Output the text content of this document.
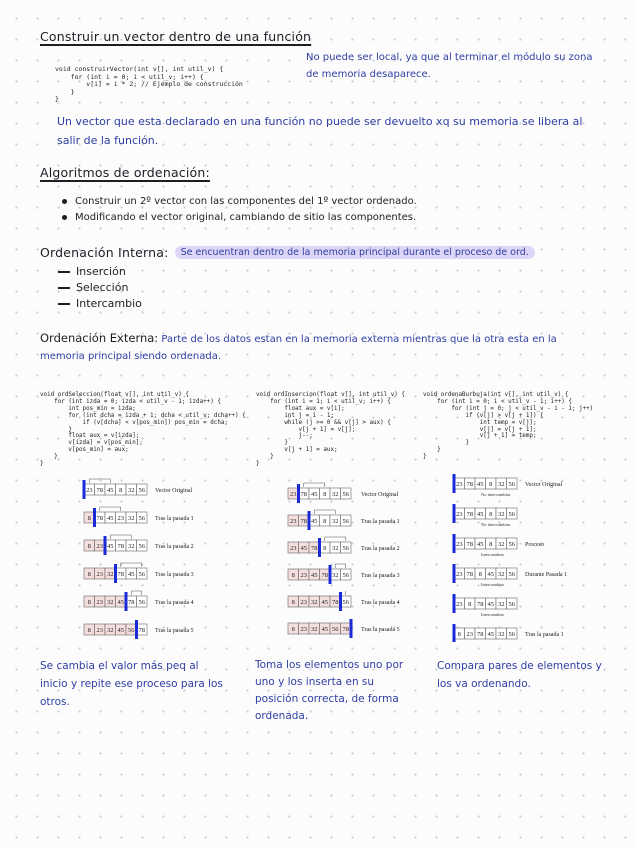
Construir un vector dentro de una función
void construirVector(int v[], int util_v) {
for (int i = 0; i < util_v; i++) {
v[i] = i * 2; // Ejemplo de construcción
}
}
No puede ser local, ya que al terminar el módulo su zona de memoria desaparece.
Un vector que esta declarado en una función no puede ser devuelto xq su memoria se libera al salir de la función.
Algoritmos de ordenación:
Construir un 2º vector con las componentes del 1º vector ordenado.
Modificando el vector original, cambiando de sitio las componentes.
Ordenación Interna:	Se encuentran dentro de la memoria principal durante el proceso de ord.
Inserción
Selección
Intercambio
Ordenación Externa: Parte de los datos estan en la memoria externa mientras que la otra esta en la memoria principal siendo ordenada.
void ordSeleccion(float v[], int util_v) {
for (int izda = 0; izda < util_v - 1; izda++) {
int pos_min = izda;
for (int dcha = izda + 1; dcha < util_v; dcha++) {
if (v[dcha] < v[pos_min]) pos_min = dcha;
}
float aux = v[izda];
v[izda] = v[pos_min];
v[pos_min] = aux;
}
}
void ordInsercion(float v[], int util_v) {
for (int i = 1; i < util_v; i++) {
float aux = v[i];
int j = i - 1;
while (j >= 0 && v[j] > aux) {
v[j + 1] = v[j];
j--;
}
v[j + 1] = aux;
}
}
void ordenaBurbuja(int v[], int util_v) {
for (int i = 0; i < util_v - 1; i++) {
for (int j = 0; j < util_v - i - 1; j++)
if (v[j] > v[j + 1]) {
int temp = v[j];
v[j] = v[j + 1];
v[j + 1] = temp;
}
}
}
23 78 45 8 32 56 Vector Original
8 78 45 23 32 56 Tras la pasada 1
8 23 45 78 32 56 Tras la pasada 2
8 23 32 78 45 56 Tras la pasada 3
8 23 32 45 78 56 Tras la pasada 4
8 23 32 45 56 78 Tras la pasada 5
23 78 45 8 32 56 Vector Original
23 78 45 8 32 56 Tras la pasada 1
23 45 78 8 32 56 Tras la pasada 2
8 23 45 78 32 56 Tras la pasada 3
8 23 32 45 78 56 Tras la pasada 4
8 23 32 45 56 78 Tras la pasada 5
23 78 45 8 32 56 Vector Original
No intercambiar
23 78 45 8 32 56
No intercambiar
23 78 45 8 32 56 Proceso
Intercambiar
23 78 8 45 32 56 Durante Pasada 1
Intercambiar
23 8 78 45 32 56
Intercambiar
8 23 78 45 32 56 Tras la pasada 1
Se cambia el valor más peq al inicio y repite ese proceso para los otros.
Toma los elementos uno por uno y los inserta en su posición correcta, de forma ordenada.
Compara pares de elementos y los va ordenando.
